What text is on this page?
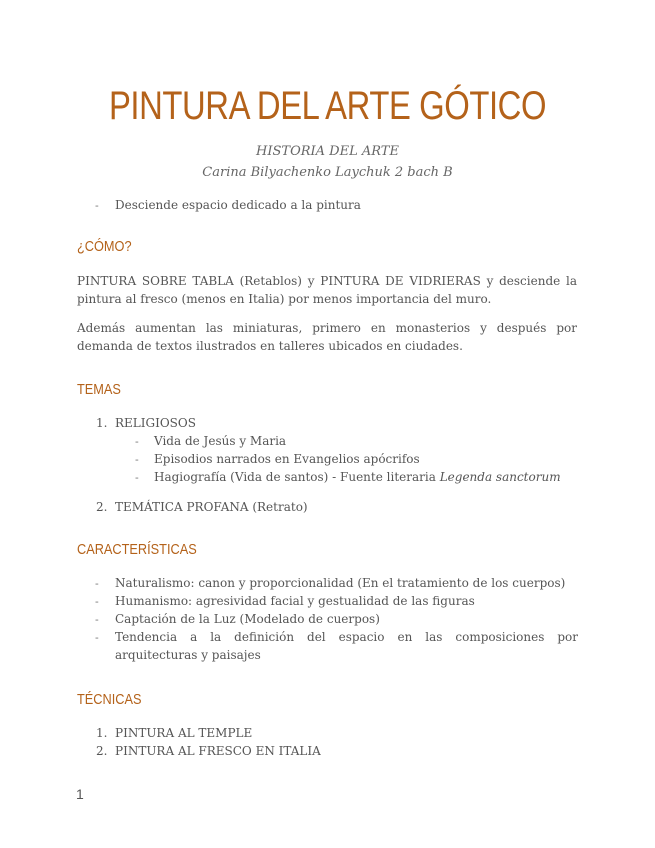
PINTURA DEL ARTE GÓTICO

HISTORIA DEL ARTE

Carina Bilyachenko Laychuk 2 bach B

- Desciende espacio dedicado a la pintura
¿CÓMO?

PINTURA SOBRE TABLA (Retablos) y PINTURA DE VIDRIERAS y desciende la pintura al fresco (menos en Italia) por menos importancia del muro.

Además aumentan las miniaturas, primero en monasterios y después por demanda de textos ilustrados en talleres ubicados en ciudades.

TEMAS
1. RELIGIOSOS
- Vida de Jesús y Maria
- Episodios narrados en Evangelios apócrifos
- Hagiografía (Vida de santos) - Fuente literaria Legenda sanctorum
2. TEMÁTICA PROFANA (Retrato)
CARACTERÍSTICAS
- Naturalismo: canon y proporcionalidad (En el tratamiento de los cuerpos)
- Humanismo: agresividad facial y gestualidad de las figuras
- Captación de la Luz (Modelado de cuerpos)
- Tendencia a la definición del espacio en las composiciones por arquitecturas y paisajes

TÉCNICAS
1. PINTURA AL TEMPLE
2. PINTURA AL FRESCO EN ITALIA
1
